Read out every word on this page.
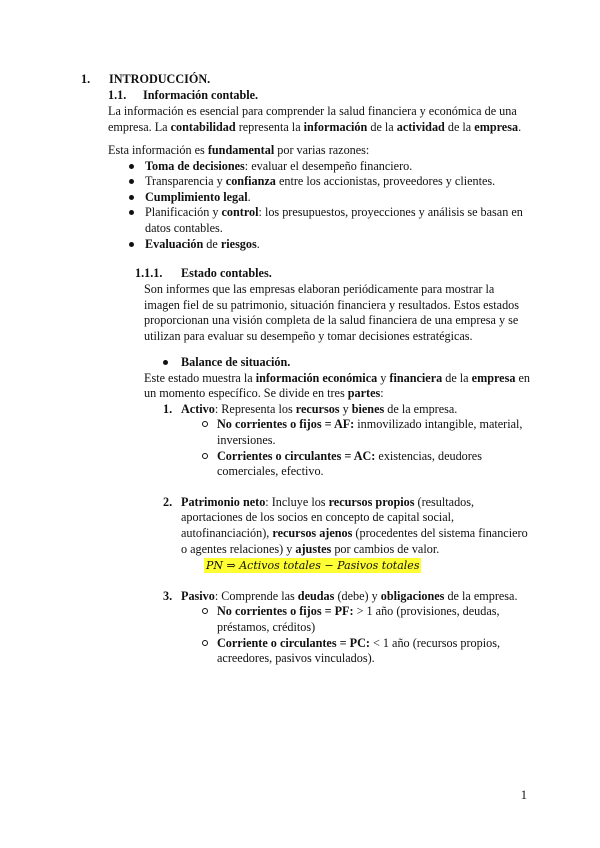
1. INTRODUCCIÓN.
1.1. Información contable.

La información es esencial para comprender la salud financiera y económica de una empresa. La contabilidad representa la información de la actividad de la empresa.

Esta información es fundamental por varias razones:

Toma de decisiones: evaluar el desempeño financiero.
Transparencia y confianza entre los accionistas, proveedores y clientes.
Cumplimiento legal.
Planificación y control: los presupuestos, proyecciones y análisis se basan en datos contables.
Evaluación de riesgos.
1.1.1. Estado contables.

Son informes que las empresas elaboran periódicamente para mostrar la imagen fiel de su patrimonio, situación financiera y resultados. Estos estados proporcionan una visión completa de la salud financiera de una empresa y se utilizan para evaluar su desempeño y tomar decisiones estratégicas.

Balance de situación.

Este estado muestra la información económica y financiera de la empresa en un momento específico. Se divide en tres partes:

1. Activo: Representa los recursos y bienes de la empresa.
No corrientes o fijos = AF: inmovilizado intangible, material, inversiones.
Corrientes o circulantes = AC: existencias, deudores comerciales, efectivo.
2. Patrimonio neto: Incluye los recursos propios (resultados, aportaciones de los socios en concepto de capital social, autofinanciación), recursos ajenos (procedentes del sistema financiero o agentes relaciones) y ajustes por cambios de valor.
PN ⇒ Activos totales − Pasivos totales
3. Pasivo: Comprende las deudas (debe) y obligaciones de la empresa.
No corrientes o fijos = PF: > 1 año (provisiones, deudas, préstamos, créditos)
Corriente o circulantes = PC: < 1 año (recursos propios, acreedores, pasivos vinculados).
1
